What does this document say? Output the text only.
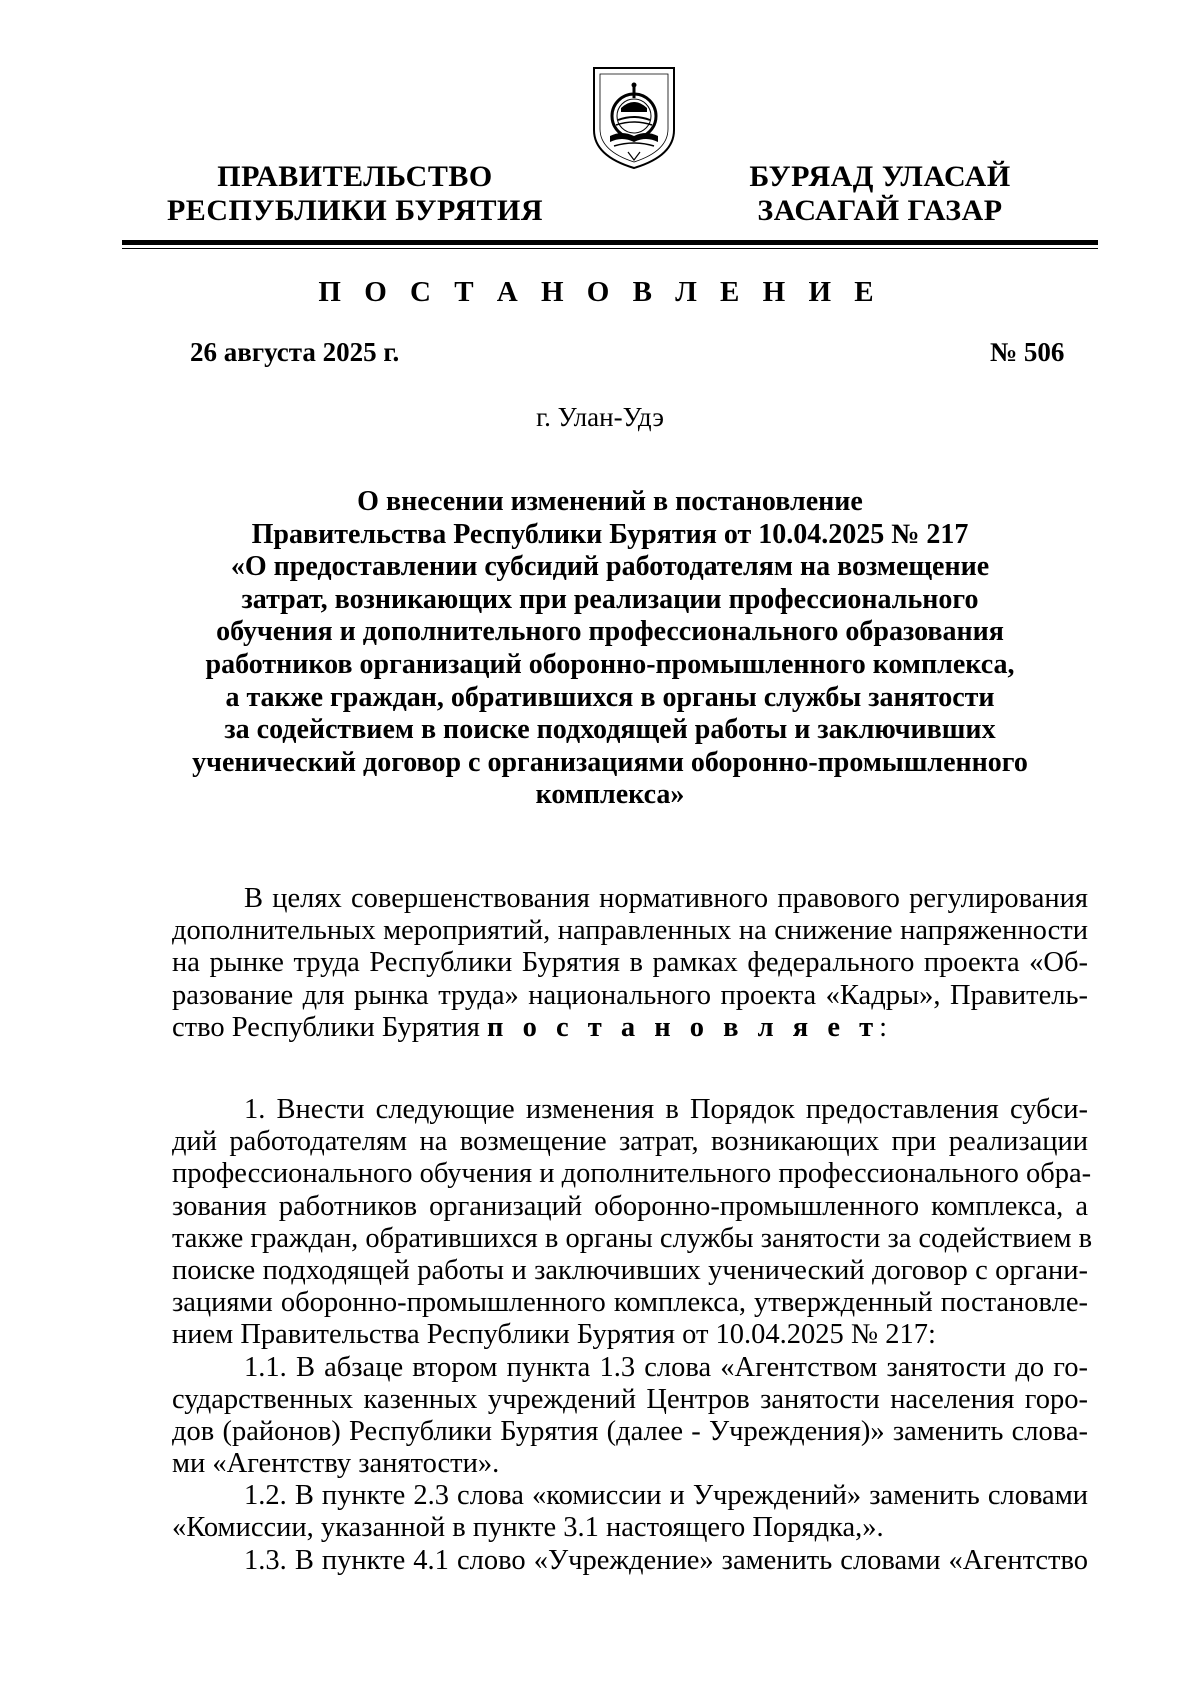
ПРАВИТЕЛЬСТВО
РЕСПУБЛИКИ БУРЯТИЯ
БУРЯАД УЛАСАЙ
ЗАСАГАЙ ГАЗАР
П О С Т А Н О В Л Е Н И Е
26 августа 2025 г.	№ 506
г. Улан-Удэ
О внесении изменений в постановление
Правительства Республики Бурятия от 10.04.2025 № 217
«О предоставлении субсидий работодателям на возмещение
затрат, возникающих при реализации профессионального
обучения и дополнительного профессионального образования
работников организаций оборонно-промышленного комплекса,
а также граждан, обратившихся в органы службы занятости
за содействием в поиске подходящей работы и заключивших
ученический договор с организациями оборонно-промышленного
комплекса»
В целях совершенствования нормативного правового регулирования
дополнительных мероприятий, направленных на снижение напряженности
на рынке труда Республики Бурятия в рамках федерального проекта «Об-
разование для рынка труда» национального проекта «Кадры», Правитель-
ство Республики Бурятия п о с т а н о в л я е т:
1. Внести следующие изменения в Порядок предоставления субси-
дий работодателям на возмещение затрат, возникающих при реализации
профессионального обучения и дополнительного профессионального обра-
зования работников организаций оборонно-промышленного комплекса, а
также граждан, обратившихся в органы службы занятости за содействием в
поиске подходящей работы и заключивших ученический договор с органи-
зациями оборонно-промышленного комплекса, утвержденный постановле-
нием Правительства Республики Бурятия от 10.04.2025 № 217:
1.1. В абзаце втором пункта 1.3 слова «Агентством занятости до го-
сударственных казенных учреждений Центров занятости населения горо-
дов (районов) Республики Бурятия (далее - Учреждения)» заменить слова-
ми «Агентству занятости».
1.2. В пункте 2.3 слова «комиссии и Учреждений» заменить словами
«Комиссии, указанной в пункте 3.1 настоящего Порядка,».
1.3. В пункте 4.1 слово «Учреждение» заменить словами «Агентство
